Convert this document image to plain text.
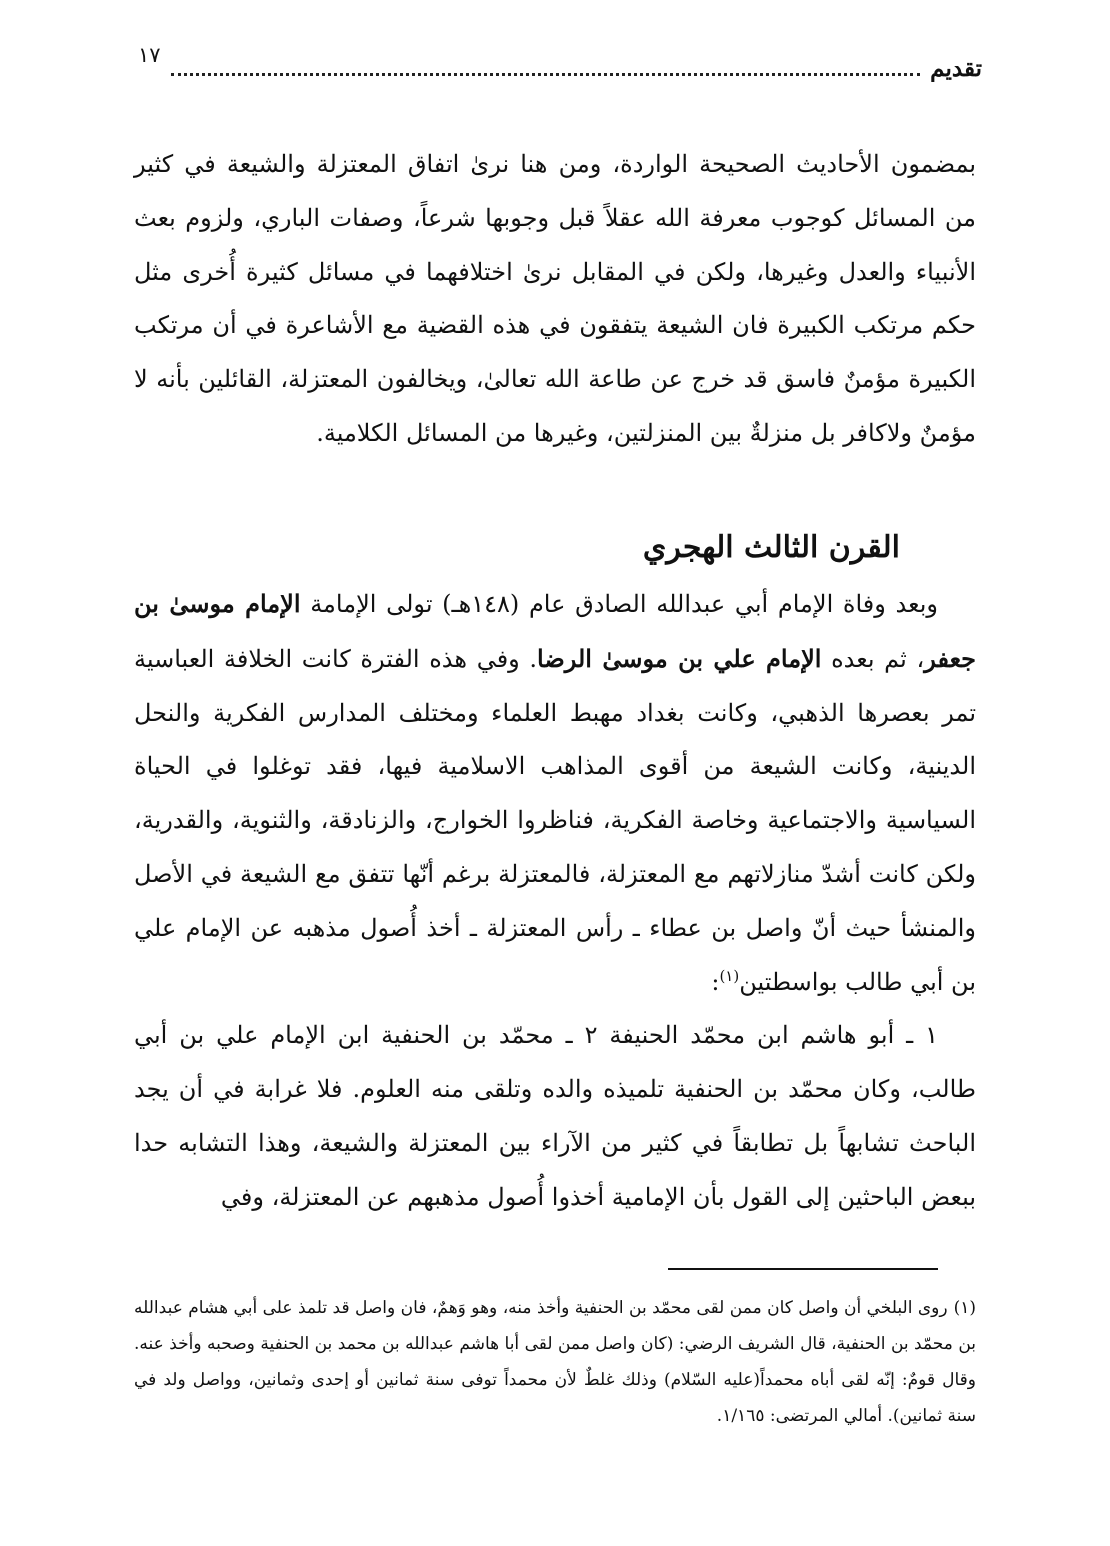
تقديم
١٧

بمضمون الأحاديث الصحيحة الواردة، ومن هنا نرىٰ اتفاق المعتزلة والشيعة في كثير من المسائل كوجوب معرفة الله عقلاً قبل وجوبها شرعاً، وصفات الباري، ولزوم بعث الأنبياء والعدل وغيرها، ولكن في المقابل نرىٰ اختلافهما في مسائل كثيرة أُخرى مثل حكم مرتكب الكبيرة فان الشيعة يتفقون في هذه القضية مع الأشاعرة في أن مرتكب الكبيرة مؤمنٌ فاسق قد خرج عن طاعة الله تعالىٰ، ويخالفون المعتزلة، القائلين بأنه لا مؤمنٌ ولاكافر بل منزلةٌ بين المنزلتين، وغيرها من المسائل الكلامية.

القرن الثالث الهجري

وبعد وفاة الإمام أبي عبدالله الصادق عام (١٤٨هـ) تولى الإمامة الإمام موسىٰ بن جعفر، ثم بعده الإمام علي بن موسىٰ الرضا. وفي هذه الفترة كانت الخلافة العباسية تمر بعصرها الذهبي، وكانت بغداد مهبط العلماء ومختلف المدارس الفكرية والنحل الدينية، وكانت الشيعة من أقوى المذاهب الاسلامية فيها، فقد توغلوا في الحياة السياسية والاجتماعية وخاصة الفكرية، فناظروا الخوارج، والزنادقة، والثنوية، والقدرية، ولكن كانت أشدّ منازلاتهم مع المعتزلة، فالمعتزلة برغم أنّها تتفق مع الشيعة في الأصل والمنشأ حيث أنّ واصل بن عطاء ـ رأس المعتزلة ـ أخذ أُصول مذهبه عن الإمام علي بن أبي طالب بواسطتين$^{(١)}$:

١ ـ أبو هاشم ابن محمّد الحنيفة ٢ ـ محمّد بن الحنفية ابن الإمام علي بن أبي طالب، وكان محمّد بن الحنفية تلميذه والده وتلقى منه العلوم. فلا غرابة في أن يجد الباحث تشابهاً بل تطابقاً في كثير من الآراء بين المعتزلة والشيعة، وهذا التشابه حدا ببعض الباحثين إلى القول بأن الإمامية أخذوا أُصول مذهبهم عن المعتزلة، وفي

(١)روى البلخي أن واصل كان ممن لقى محمّد بن الحنفية وأخذ منه، وهو وَهمٌ، فان واصل قد تلمذ على أبي هشام عبدالله بن محمّد بن الحنفية، قال الشريف الرضي: (كان واصل ممن لقى أبا هاشم عبدالله بن محمد بن الحنفية وصحبه وأخذ عنه. وقال قومٌ: إنّه لقى أباه محمداً(عليه السّلام) وذلك غلطٌ لأن محمداً توفى سنة ثمانين أو إحدى وثمانين، وواصل ولد في سنة ثمانين). أمالي المرتضى: ١/١٦٥.
